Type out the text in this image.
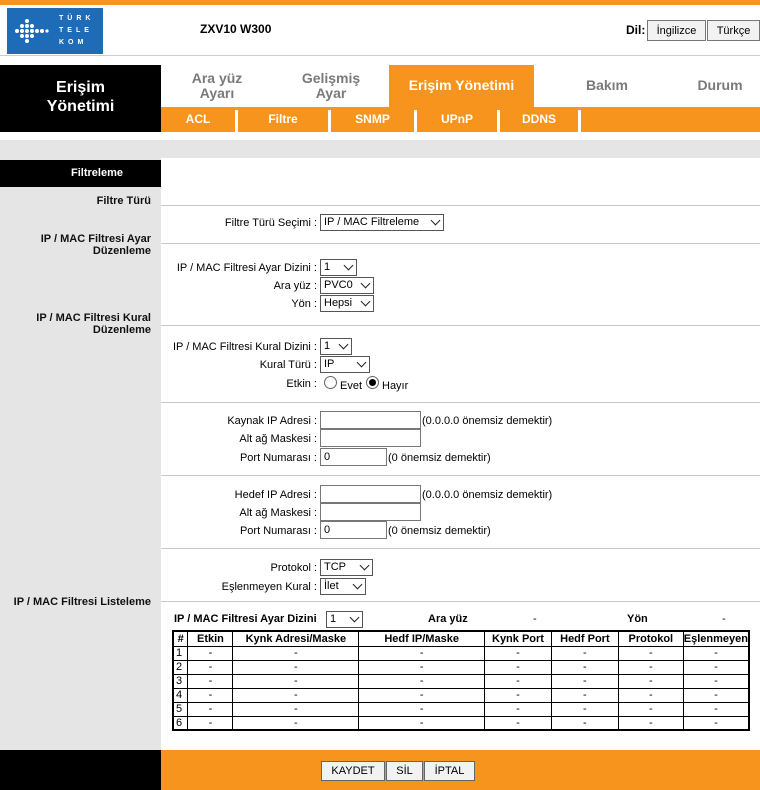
TÜRK
TELE
KOM
ZXV10 W300	Dil:	İngilizce	Türkçe
Erişim
Yönetimi
Ara yüz
Ayarı
Gelişmiş
Ayar	Erişim Yönetimi	Bakım	Durum
ACL	Filtre	SNMP	UPnP	DDNS
Filtreleme
Filtre Türü
IP / MAC Filtresi Ayar Düzenleme
IP / MAC Filtresi Kural Düzenleme
IP / MAC Filtresi Listeleme
Filtre Türü Seçimi : IP / MAC Filtreleme
IP / MAC Filtresi Ayar Dizini : 1
Ara yüz : PVC0
Yön : Hepsi
IP / MAC Filtresi Kural Dizini : 1
Kural Türü : IP
Etkin : Evet Hayır
Kaynak IP Adresi :	(0.0.0.0 önemsiz demektir)
Alt ağ Maskesi :
Port Numarası : 0	(0 önemsiz demektir)
Hedef IP Adresi :	(0.0.0.0 önemsiz demektir)
Alt ağ Maskesi :
Port Numarası : 0	(0 önemsiz demektir)
Protokol : TCP
Eşlenmeyen Kural : İlet
IP / MAC Filtresi Ayar Dizini	1	Ara yüz	-	Yön	-
#	Etkin	Kynk Adresi/Maske	Hedf IP/Maske	Kynk Port	Hedf Port	Protokol	Eşlenmeyen
1	-	-	-	-	-	-	-
2	-	-	-	-	-	-	-
3	-	-	-	-	-	-	-
4	-	-	-	-	-	-	-
5	-	-	-	-	-	-	-
6	-	-	-	-	-	-	-
KAYDET	SİL	İPTAL
